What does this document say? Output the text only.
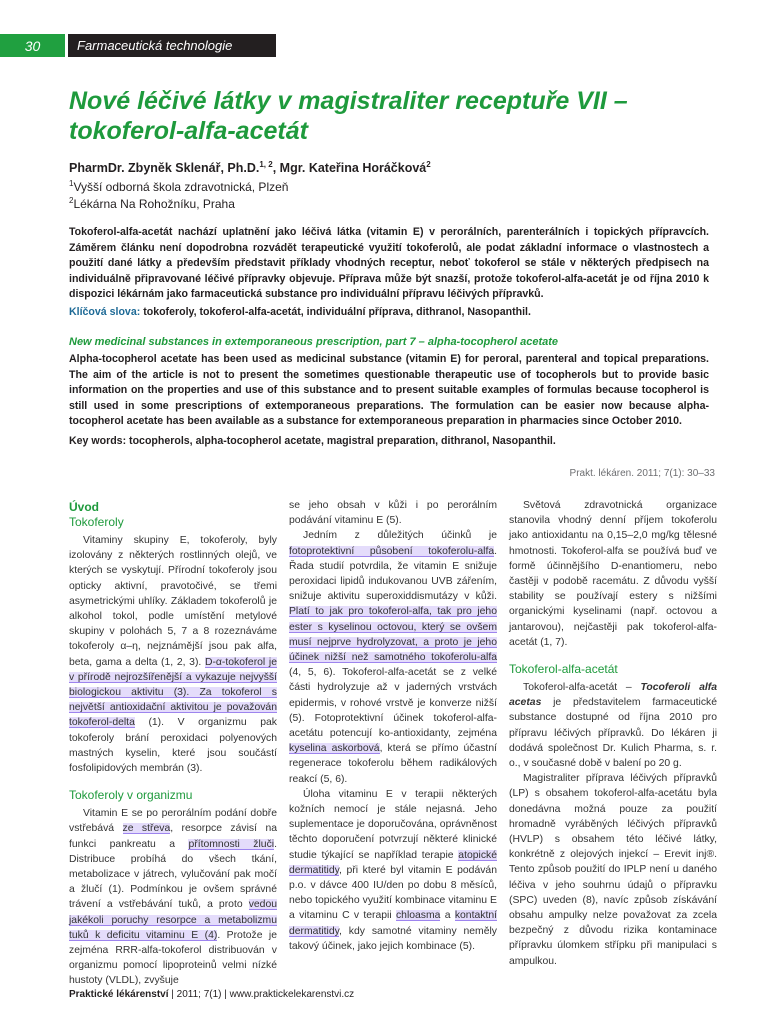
30	Farmaceutická technologie
Nové léčivé látky v magistraliter receptuře VII – tokoferol-alfa-acetát
PharmDr. Zbyněk Sklenář, Ph.D.$^{1, 2}$, Mgr. Kateřina Horáčková$^2$
$^1$Vyšší odborná škola zdravotnická, Plzeň
$^2$Lékárna Na Rohožníku, Praha

Tokoferol-alfa-acetát nachází uplatnění jako léčivá látka (vitamin E) v perorálních, parenterálních i topických přípravcích. Záměrem článku není dopodrobna rozvádět terapeutické využití tokoferolů, ale podat základní informace o vlastnostech a použití dané látky a především představit příklady vhodných receptur, neboť tokoferol se stále v některých předpisech na individuálně připravované léčivé přípravky objevuje. Příprava může být snazší, protože tokoferol-alfa-acetát je od října 2010 k dispozici lékárnám jako farmaceutická substance pro individuální přípravu léčivých přípravků.

Klíčová slova: tokoferoly, tokoferol-alfa-acetát, individuální příprava, dithranol, Nasopanthil.
New medicinal substances in extemporaneous prescription, part 7 – alpha-tocopherol acetate

Alpha-tocopherol acetate has been used as medicinal substance (vitamin E) for peroral, parenteral and topical preparations. The aim of the article is not to present the sometimes questionable therapeutic use of tocopherols but to provide basic information on the properties and use of this substance and to present suitable examples of formulas because tocopherol is still used in some prescriptions of extemporaneous preparations. The formulation can be easier now because alpha-tocopherol acetate has been available as a substance for extemporaneous preparation in pharmacies since October 2010.

Key words: tocopherols, alpha-tocopherol acetate, magistral preparation, dithranol, Nasopanthil.
Prakt. lékáren. 2011; 7(1): 30–33
Úvod
Tokoferoly

Vitaminy skupiny E, tokoferoly, byly izolovány z některých rostlinných olejů, ve kterých se vyskytují. Přírodní tokoferoly jsou opticky aktivní, pravotočivé, se třemi asymetrickými uhlíky. Základem tokoferolů je alkohol tokol, podle umístění metylové skupiny v polohách 5, 7 a 8 rozeznáváme tokoferoly α–η, nejznámější jsou pak alfa, beta, gama a delta (1, 2, 3). D-α-tokoferol je v přírodě nejrozšířenější a vykazuje nejvyšší biologickou aktivitu (3). Za tokoferol s největší antioxidační aktivitou je považován tokoferol-delta (1). V organizmu pak tokoferoly brání peroxidaci polyenových mastných kyselin, které jsou součástí fosfolipidových membrán (3).

Tokoferoly v organizmu

Vitamin E se po perorálním podání dobře vstřebává ze střeva, resorpce závisí na funkci pankreatu a přítomnosti žluči. Distribuce probíhá do všech tkání, metabolizace v játrech, vylučování pak močí a žlučí (1). Podmínkou je ovšem správné trávení a vstřebávání tuků, a proto vedou jakékoli poruchy resorpce a metabolizmu tuků k deficitu vitaminu E (4). Protože je zejména RRR-alfa-tokoferol distribuován v organizmu pomocí lipoproteinů velmi nízké hustoty (VLDL), zvyšuje

se jeho obsah v kůži i po perorálním podávání vitaminu E (5).

Jedním z důležitých účinků je fotoprotektivní působení tokoferolu-alfa. Řada studií potvrdila, že vitamin E snižuje peroxidaci lipidů indukovanou UVB zářením, snižuje aktivitu superoxiddismutázy v kůži. Platí to jak pro tokoferol-alfa, tak pro jeho ester s kyselinou octovou, který se ovšem musí nejprve hydrolyzovat, a proto je jeho účinek nižší než samotného tokoferolu-alfa (4, 5, 6). Tokoferol-alfa-acetát se z velké části hydrolyzuje až v jaderných vrstvách epidermis, v rohové vrstvě je konverze nižší (5). Fotoprotektivní účinek tokoferol-alfa-acetátu potencují ko-antioxidanty, zejména kyselina askorbová, která se přímo účastní regenerace tokoferolu během radikálových reakcí (5, 6).

Úloha vitaminu E v terapii některých kožních nemocí je stále nejasná. Jeho suplementace je doporučována, oprávněnost těchto doporučení potvrzují některé klinické studie týkající se například terapie atopické dermatitidy, při které byl vitamin E podáván p.o. v dávce 400 IU/den po dobu 8 měsíců, nebo topického využití kombinace vitaminu E a vitaminu C v terapii chloasma a kontaktní dermatitidy, kdy samotné vitaminy neměly takový účinek, jako jejich kombinace (5).

Světová zdravotnická organizace stanovila vhodný denní příjem tokoferolu jako antioxidantu na 0,15–2,0 mg/kg tělesné hmotnosti. Tokoferol-alfa se používá buď ve formě účinnějšího D-enantiomeru, nebo častěji v podobě racemátu. Z důvodu vyšší stability se používají estery s nižšími organickými kyselinami (např. octovou a jantarovou), nejčastěji pak tokoferol-alfa-acetát (1, 7).

Tokoferol-alfa-acetát

Tokoferol-alfa-acetát – Tocoferoli alfa acetas je představitelem farmaceutické substance dostupné od října 2010 pro přípravu léčivých přípravků. Do lékáren ji dodává společnost Dr. Kulich Pharma, s. r. o., v současné době v balení po 20 g.

Magistraliter příprava léčivých přípravků (LP) s obsahem tokoferol-alfa-acetátu byla donedávna možná pouze za použití hromadně vyráběných léčivých přípravků (HVLP) s obsahem této léčivé látky, konkrétně z olejových injekcí – Erevit inj®. Tento způsob použití do IPLP není u daného léčiva v jeho souhrnu údajů o přípravku (SPC) uveden (8), navíc způsob získávání obsahu ampulky nelze považovat za zcela bezpečný z důvodu rizika kontaminace přípravku úlomkem střípku při manipulaci s ampulkou.

Praktické lékárenství | 2011; 7(1) | www.praktickelekarenstvi.cz
